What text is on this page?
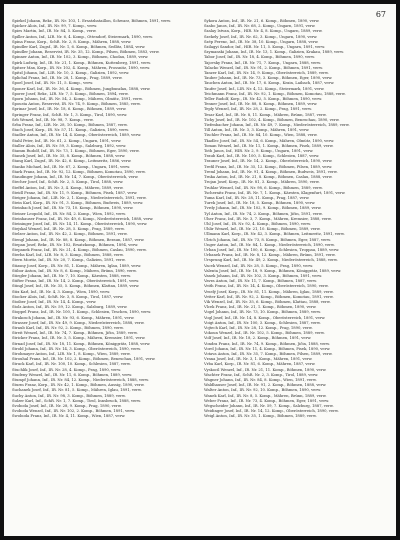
67

Spiekel Johann, Rekr., IR. Nr. 103, 1. Ersatzbataillon, Schwarz, Böhmen, 1891, verw.

Spicker Alois, Inf., IR. Nr. 99, 7. Komp., verw.

Spies Martin, Inf., IR. Nr. 84, 5. Komp., verw.

Spiller Anton, Inf., LIR. Nr. 6, 4. Komp., Ottendorf, Steiermark, 1890, verw.

Spina Franz, Korp., SchR. Nr. 2, 8. Komp., Mähren, 1888, verw.

Spindler Karl, Zugsf., IR. Nr. 1, 6. Komp., Böhmen, Sedlitz, 1884, verw.

Spindler Johann, Reservist, IR. Nr. 35, 12. Komp., Pilsen, Böhmen, 1883, verw.

Spinner Anton, Inf., IR. Nr. 102, 3. Komp., Böhmen, Chodau, 1889, verw.

Spirk Ludwig, Inf., IR. Nr. 21, 1. Komp., Böhmen, Kuttenberg, 1891, verw.

Spitzer Max, Korp., IR. Nr. 102, 4. Komp., Mähren, Prossnitz, 1890, verw.

Spitzl Johann, Inf., LIR. Nr. 10, 2. Komp., Galizien, 1892, verw.

Splichal Franz, Inf., IR. Nr. 28, 1. Komp., Prag, 1889, verw.

Spoel Josef, Inf., IR. Nr. 11, 5. Komp., verw.

Sponer Karl, Inf., IR. Nr. 36, 4. Komp., Böhmen, Jungbunzlau, 1888, verw.

Sporer Josef, Rekr., LIR. Nr. 7, 5. Komp., Böhmen, 1894, verw.

Sporn Johann, Inf., IR. Nr. 54, 2. Komp., Mähren, Olmütz, 1891, verw.

Spousta Anton, Reservist, IR. Nr. 74, 9. Komp., Böhmen, 1885, verw.

Sprinar Josef, Inf., IR. Nr. 18, 6. Komp., Böhmen, 1889, verw.

Springer Franz, Inf., SchR. Nr. 1, 3. Komp., Tirol, 1890, verw.

Srb Wenzel, Inf., IR. Nr. 98, 7. Komp., verw.

Srba Franz, Inf., LIR. Nr. 28, 10. Komp., Böhmen, 1887, verw.

Stach Josef, Korp., IR. Nr. 57, 11. Komp., Galizien, 1890, verw.

Stadler Anton, Inf., IR. Nr. 14, 4. Komp., Oberösterreich, 1889, verw.

Stahl Peter, Inf., IR. Nr. 61, 2. Komp., Ungarn, 1891, verw.

Staller Alois, Inf., IR. Nr. 59, 3. Komp., Salzburg, 1892, verw.

Stamm Rudolf, Inf., IR. Nr. 73, 1. Komp., Böhmen, Eger, 1890, verw.

Stanek Josef, Inf., IR. Nr. 35, 8. Komp., Böhmen, 1888, verw.

Stang Karl, Zugsf., IR. Nr. 42, 6. Komp., Leitmeritz, 1886, verw.

Stanko Michael, Inf., IR. Nr. 67, 2. Komp., Ungarn, 1891, verw.

Stark Franz, Inf., IR. Nr. 92, 12. Komp., Böhmen, Komotau, 1890, verw.

Staudinger Johann, Inf., IR. Nr. 14, 7. Komp., Oberösterreich, verw.

Stecher Josef, Inf., SchR. Nr. 2, 5. Komp., Tirol, 1888, verw.

Steffel Anton, Inf., IR. Nr. 3, 4. Komp., Mähren, 1889, verw.

Steidl Franz, Inf., IR. Nr. 11, 9. Komp., Böhmen, Pisek, 1887, verw.

Steiger Johann, Inf., LIR. Nr. 2, 1. Komp., Niederösterreich, 1891, verw.

Stein Karl, Korp., IR. Nr. 91, 3. Komp., Böhmen, Budweis, 1889, verw.

Steinbach Josef, Inf., IR. Nr. 73, 10. Komp., Böhmen, 1890, verw.

Steiner Leopold, Inf., IR. Nr. 84, 2. Komp., Wien, 1892, verw.

Steinhauser Franz, Inf., IR. Nr. 49, 6. Komp., Niederösterreich, 1888, verw.

Steininger Josef, Inf., IR. Nr. 14, 11. Komp., Oberösterreich, 1890, verw.

Stejskal Wenzel, Inf., IR. Nr. 28, 5. Komp., Prag, 1889, verw.

Stelzer Anton, Inf., IR. Nr. 42, 2. Komp., Böhmen, 1891, verw.

Stengl Johann, Inf., IR. Nr. 88, 8. Komp., Böhmen, Beraun, 1887, verw.

Stepan Josef, Rekr., IR. Nr. 102, Ersatzkomp., Böhmen, 1894, verw.

Stepanek Franz, Inf., IR. Nr. 21, 4. Komp., Böhmen, Caslau, 1890, verw.

Sterba Karl, Inf., LIR. Nr. 8, 3. Komp., Böhmen, 1888, verw.

Stern Moritz, Inf., IR. Nr. 20, 7. Komp., Galizien, 1891, verw.

Stiasny Josef, Korp., IR. Nr. 81, 1. Komp., Mähren, Iglau, 1889, verw.

Stibor Anton, Inf., IR. Nr. 8, 6. Komp., Mähren, Brünn, 1890, verw.

Stiegler Johann, Inf., IR. Nr. 7, 10. Komp., Kärnten, 1888, verw.

Stifter Franz, Inf., IR. Nr. 14, 2. Komp., Oberösterreich, 1891, verw.

Stingl Josef, Inf., IR. Nr. 35, 5. Komp., Böhmen, Klattau, 1889, verw.

Stix Karl, Inf., IR. Nr. 4, 3. Komp., Wien, 1890, verw.

Stocker Alois, Inf., SchR. Nr. 3, 8. Komp., Tirol, 1887, verw.

Stoiber Josef, Inf., IR. Nr. 14, 4. Komp., verw.

Stolz Anton, Inf., IR. Nr. 59, 12. Komp., Salzburg, 1889, verw.

Stoppel Franz, Inf., IR. Nr. 100, 1. Komp., Schlesien, Teschen, 1890, verw.

Strakosch Johann, Inf., IR. Nr. 93, 6. Komp., Mähren, 1891, verw.

Strasser Josef, Inf., IR. Nr. 49, 9. Komp., Niederösterreich, 1888, verw.

Straub Karl, Inf., IR. Nr. 92, 2. Komp., Böhmen, 1890, verw.

Streit Wenzel, Inf., IR. Nr. 74, 7. Komp., Böhmen, Jičin, 1889, verw.

Stricker Franz, Inf., IR. Nr. 3, 5. Komp., Mähren, Kremsier, 1891, verw.

Strnad Josef, Inf., IR. Nr. 18, 11. Komp., Böhmen, Königgrätz, 1888, verw.

Strobl Johann, Inf., IR. Nr. 14, 3. Komp., Oberösterreich, 1890, verw.

Strohmayer Anton, Inf., LIR. Nr. 1, 8. Komp., Wien, 1889, verw.

Strouhal Franz, Inf., IR. Nr. 102, 2. Komp., Böhmen, Beneschau, 1891, verw.

Struck Karl, Inf., IR. Nr. 100, 10. Komp., Schlesien, 1887, verw.

Stuchlik Josef, Inf., IR. Nr. 28, 4. Komp., Prag, 1890, verw.

Studeny Wenzel, Inf., IR. Nr. 11, 6. Komp., Böhmen, 1889, verw.

Stumpf Johann, Inf., IR. Nr. 84, 12. Komp., Niederösterreich, 1888, verw.

Sturm Franz, Korp., IR. Nr. 42, 1. Komp., Böhmen, Aussig, 1890, verw.

Suchanek Josef, Inf., IR. Nr. 81, 5. Komp., Mähren, Iglau, 1891, verw.

Suchy Anton, Inf., IR. Nr. 98, 3. Komp., Böhmen, 1889, verw.

Sulzer Karl, Inf., SchR. Nr. 1, 7. Komp., Tirol, Innsbruck, 1888, verw.

Svoboda Josef, Inf., IR. Nr. 28, 9. Komp., Prag, 1890, verw.

Svoboda Wenzel, Inf., IR. Nr. 102, 2. Komp., Böhmen, 1891, verw.

Swoboda Franz, Inf., IR. Nr. 4, 11. Komp., Wien, 1887, verw.

Sykora Anton, Inf., IR. Nr. 21, 6. Komp., Böhmen, 1890, verw.

Szabo Janos, Inf., IR. Nr. 68, 2. Komp., Ungarn, 1891, verw.

Szalay Istvan, Korp., HIR. Nr. 4, 8. Komp., Ungarn, 1889, verw.

Szekely Josef, Inf., IR. Nr. 62, 3. Komp., Ungarn, 1890, verw.

Szép Ferenc, Inf., IR. Nr. 38, 10. Komp., Ungarn, 1888, verw.

Szilagyi Sandor, Inf., HIR. Nr. 11, 5. Komp., Ungarn, 1891, verw.

Szymanski Johann, Inf., IR. Nr. 13, 1. Komp., Galizien, Krakau, 1889, verw.

Tabor Josef, Inf., IR. Nr. 18, 4. Komp., Böhmen, 1890, verw.

Tajovsky Franz, Inf., IR. Nr. 71, 7. Komp., Ungarn, 1888, verw.

Talacko Wenzel, Inf., IR. Nr. 91, 2. Komp., Böhmen, 1891, verw.

Tanzer Karl, Inf., IR. Nr. 14, 9. Komp., Oberösterreich, 1889, verw.

Tauber Johann, Inf., IR. Nr. 73, 3. Komp., Böhmen, Eger, 1890, verw.

Tauchen Anton, Inf., IR. Nr. 17, 6. Komp., Krain, Laibach, 1887, verw.

Taufer Josef, Inf., LIR. Nr. 4, 12. Komp., Steiermark, 1891, verw.

Teichmann Franz, Inf., IR. Nr. 92, 1. Komp., Böhmen, Komotau, 1888, verw.

Teller Rudolf, Korp., IR. Nr. 42, 5. Komp., Böhmen, 1890, verw.

Tenner Josef, Inf., IR. Nr. 88, 8. Komp., Böhmen, 1889, verw.

Teply Wenzel, Inf., IR. Nr. 28, 2. Komp., Prag, 1891, verw.

Tesar Karl, Inf., IR. Nr. 8, 11. Komp., Mähren, Brünn, 1887, verw.

Tichy Josef, Inf., IR. Nr. 102, 4. Komp., Böhmen, Beneschau, 1890, verw.

Tiefenbacher Johann, Inf., IR. Nr. 49, 7. Komp., Niederösterreich, 1889, verw.

Till Anton, Inf., IR. Nr. 3, 3. Komp., Mähren, 1891, verw.

Tischler Franz, Inf., IR. Nr. 84, 10. Komp., Wien, 1888, verw.

Tkadlec Josef, Inf., IR. Nr. 54, 6. Komp., Mähren, Olmütz, 1890, verw.

Toman Wenzel, Inf., IR. Nr. 11, 1. Komp., Böhmen, Pisek, 1889, verw.

Toth Janos, Inf., HIR. Nr. 2, 9. Komp., Ungarn, 1891, verw.

Traub Karl, Inf., IR. Nr. 100, 5. Komp., Schlesien, 1887, verw.

Trauner Josef, Inf., IR. Nr. 14, 2. Komp., Oberösterreich, 1890, verw.

Trefil Franz, Inf., IR. Nr. 35, 12. Komp., Böhmen, Pilsen, 1889, verw.

Treml Johann, Inf., IR. Nr. 91, 4. Komp., Böhmen, Budweis, 1891, verw.

Trnka Anton, Inf., IR. Nr. 21, 8. Komp., Böhmen, Caslau, 1888, verw.

Trojan Josef, Korp., IR. Nr. 81, 3. Komp., Mähren, 1890, verw.

Truhlar Wenzel, Inf., IR. Nr. 98, 6. Komp., Böhmen, 1889, verw.

Tschernitz Franz, Inf., IR. Nr. 7, 1. Komp., Kärnten, Klagenfurt, 1891, verw.

Tuma Karl, Inf., IR. Nr. 28, 11. Komp., Prag, 1887, verw.

Turek Josef, Inf., IR. Nr. 18, 5. Komp., Böhmen, 1890, verw.

Tvrdy Johann, Inf., IR. Nr. 102, 9. Komp., Böhmen, 1889, verw.

Tyl Anton, Inf., IR. Nr. 74, 2. Komp., Böhmen, Jičin, 1891, verw.

Uher Franz, Inf., IR. Nr. 3, 7. Komp., Mähren, Kremsier, 1888, verw.

Uhl Josef, Inf., IR. Nr. 92, 4. Komp., Böhmen, 1890, verw.

Uhlir Wenzel, Inf., IR. Nr. 21, 10. Komp., Böhmen, 1889, verw.

Ullmann Karl, Korp., IR. Nr. 42, 3. Komp., Böhmen, Leitmeritz, 1891, verw.

Ulrich Johann, Inf., IR. Nr. 73, 8. Komp., Böhmen, Eger, 1887, verw.

Unger Anton, Inf., IR. Nr. 84, 1. Komp., Niederösterreich, 1890, verw.

Urban Josef, Inf., IR. Nr. 100, 6. Komp., Schlesien, Troppau, 1889, verw.

Urbanek Franz, Inf., IR. Nr. 8, 12. Komp., Mähren, Brünn, 1891, verw.

Ursprung Karl, Inf., IR. Nr. 49, 2. Komp., Niederösterreich, 1888, verw.

Vacek Wenzel, Inf., IR. Nr. 28, 5. Komp., Prag, 1890, verw.

Valenta Josef, Inf., IR. Nr. 18, 9. Komp., Böhmen, Königgrätz, 1889, verw.

Vanek Johann, Inf., IR. Nr. 102, 3. Komp., Böhmen, 1891, verw.

Vavra Anton, Inf., IR. Nr. 11, 7. Komp., Böhmen, 1887, verw.

Veith Franz, Inf., IR. Nr. 14, 4. Komp., Oberösterreich, 1890, verw.

Veselý Josef, Korp., IR. Nr. 81, 11. Komp., Mähren, Iglau, 1889, verw.

Vetter Karl, Inf., IR. Nr. 92, 2. Komp., Böhmen, Komotau, 1891, verw.

Vik Wenzel, Inf., IR. Nr. 35, 6. Komp., Böhmen, Klattau, 1888, verw.

Vlcek Franz, Inf., IR. Nr. 21, 1. Komp., Böhmen, 1890, verw.

Vogel Johann, Inf., IR. Nr. 73, 10. Komp., Böhmen, 1889, verw.

Vogl Josef, Inf., IR. Nr. 14, 8. Komp., Oberösterreich, 1891, verw.

Voigt Anton, Inf., IR. Nr. 100, 3. Komp., Schlesien, 1887, verw.

Vojtech Karl, Inf., IR. Nr. 28, 12. Komp., Prag, 1890, verw.

Vokoun Wenzel, Inf., IR. Nr. 102, 5. Komp., Böhmen, 1889, verw.

Volf Josef, Inf., IR. Nr. 18, 2. Komp., Böhmen, 1891, verw.

Vondra Franz, Inf., IR. Nr. 74, 9. Komp., Böhmen, Jičin, 1888, verw.

Vorel Johann, Inf., IR. Nr. 11, 4. Komp., Böhmen, Pisek, 1890, verw.

Votava Anton, Inf., IR. Nr. 35, 7. Komp., Böhmen, Pilsen, 1889, verw.

Vrana Josef, Inf., IR. Nr. 3, 1. Komp., Mähren, 1891, verw.

Vrba Karl, Korp., IR. Nr. 81, 6. Komp., Mähren, 1887, verw.

Vyskocil Wenzel, Inf., IR. Nr. 21, 11. Komp., Böhmen, 1890, verw.

Wachter Franz, Inf., SchR. Nr. 2, 3. Komp., Tirol, 1889, verw.

Wagner Johann, Inf., IR. Nr. 84, 8. Komp., Wien, 1891, verw.

Waldhauser Josef, Inf., IR. Nr. 91, 2. Komp., Böhmen, 1888, verw.

Walter Anton, Inf., IR. Nr. 92, 10. Komp., Böhmen, 1890, verw.

Wanek Karl, Inf., IR. Nr. 8, 5. Komp., Mähren, Brünn, 1889, verw.

Weber Franz, Inf., IR. Nr. 73, 4. Komp., Böhmen, Eger, 1891, verw.

Wegscheider Johann, Inf., IR. Nr. 59, 7. Komp., Salzburg, 1887, verw.

Weidinger Josef, Inf., IR. Nr. 14, 12. Komp., Oberösterreich, 1890, verw.

Weigl Anton, Inf., IR. Nr. 35, 1. Komp., Böhmen, 1889, verw.
